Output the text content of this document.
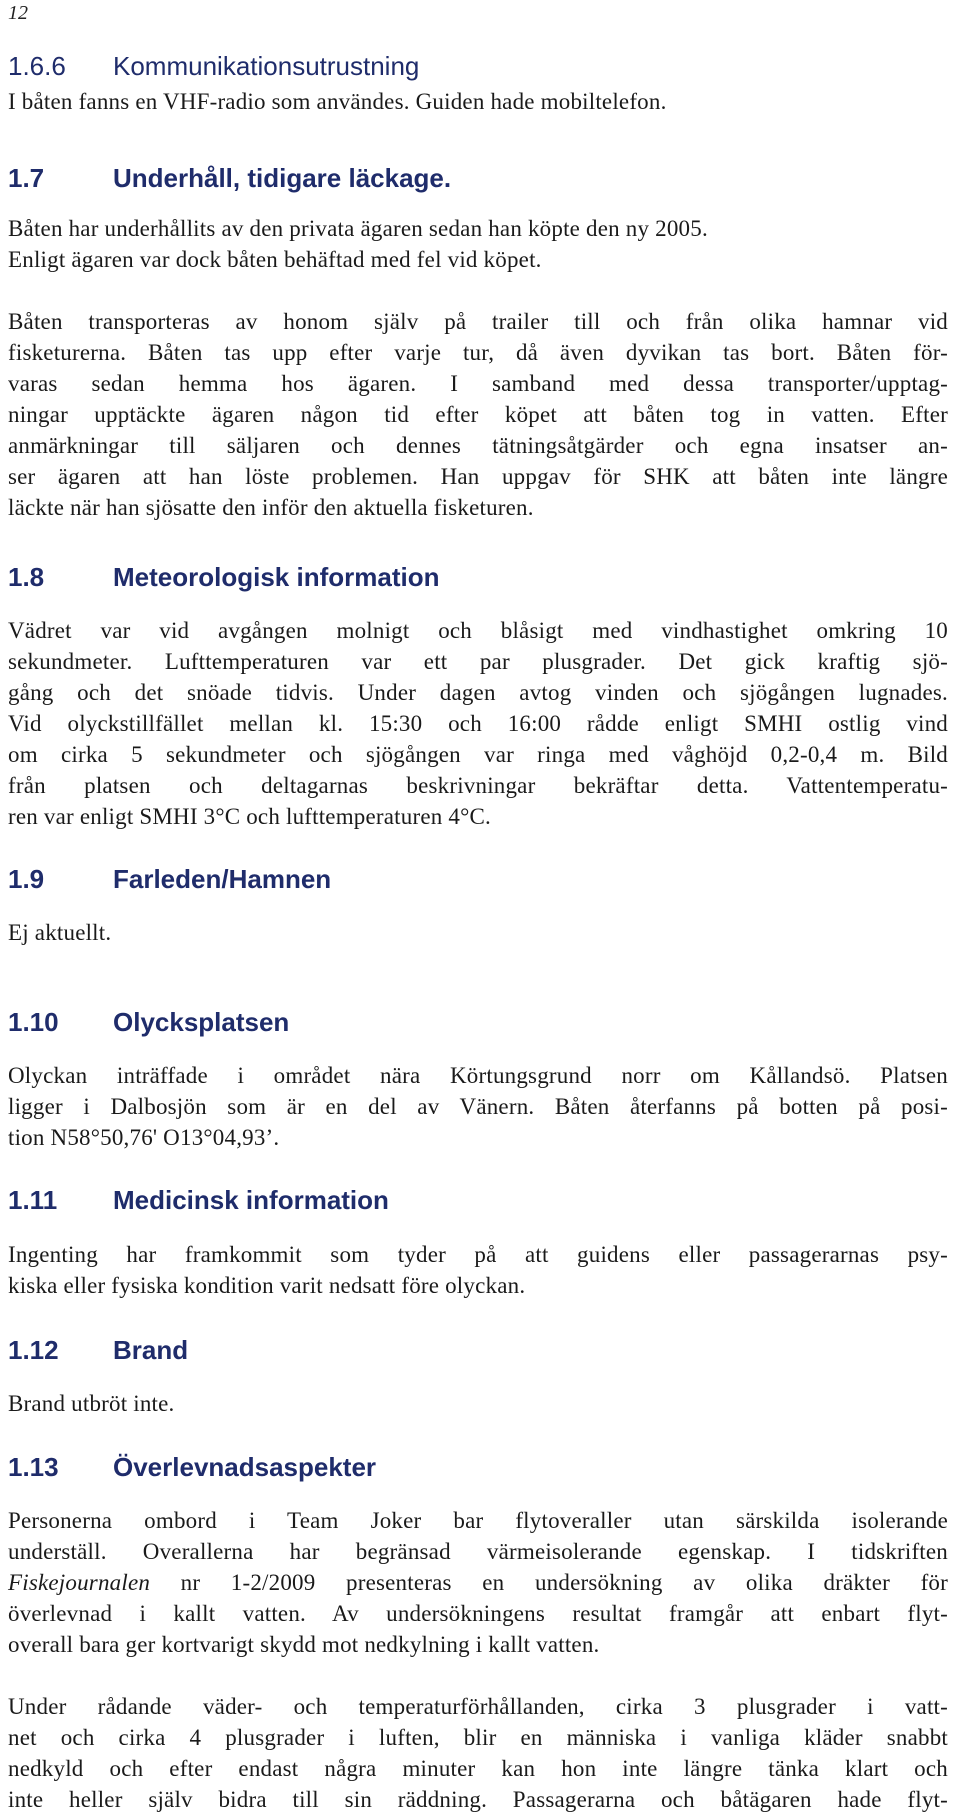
12
1.6.6 Kommunikationsutrustning
I båten fanns en VHF-radio som användes. Guiden hade mobiltelefon.
1.7	Underhåll, tidigare läckage.
Båten har underhållits av den privata ägaren sedan han köpte den ny 2005.
Enligt ägaren var dock båten behäftad med fel vid köpet.
Båten transporteras av honom själv på trailer till och från olika hamnar vid
fisketurerna. Båten tas upp efter varje tur, då även dyvikan tas bort. Båten för-
varas sedan hemma hos ägaren. I samband med dessa transporter/upptag-
ningar upptäckte ägaren någon tid efter köpet att båten tog in vatten. Efter
anmärkningar till säljaren och dennes tätningsåtgärder och egna insatser an-
ser ägaren att han löste problemen. Han uppgav för SHK att båten inte längre
läckte när han sjösatte den inför den aktuella fisketuren.
1.8	Meteorologisk information
Vädret var vid avgången molnigt och blåsigt med vindhastighet omkring 10
sekundmeter. Lufttemperaturen var ett par plusgrader. Det gick kraftig sjö-
gång och det snöade tidvis. Under dagen avtog vinden och sjögången lugnades.
Vid olyckstillfället mellan kl. 15:30 och 16:00 rådde enligt SMHI ostlig vind
om cirka 5 sekundmeter och sjögången var ringa med våghöjd 0,2-0,4 m. Bild
från platsen och deltagarnas beskrivningar bekräftar detta. Vattentemperatu-
ren var enligt SMHI 3°C och lufttemperaturen 4°C.
1.9	Farleden/Hamnen
Ej aktuellt.
1.10 Olycksplatsen
Olyckan inträffade i området nära Körtungsgrund norr om Kållandsö. Platsen
ligger i Dalbosjön som är en del av Vänern. Båten återfanns på botten på posi-
tion N58°50,76' O13°04,93’.
1.11 Medicinsk information
Ingenting har framkommit som tyder på att guidens eller passagerarnas psy-
kiska eller fysiska kondition varit nedsatt före olyckan.
1.12 Brand
Brand utbröt inte.
1.13 Överlevnadsaspekter
Personerna ombord i Team Joker bar flytoveraller utan särskilda isolerande
underställ. Overallerna har begränsad värmeisolerande egenskap. I tidskriften
Fiskejournalen nr 1-2/2009 presenteras en undersökning av olika dräkter för
överlevnad i kallt vatten. Av undersökningens resultat framgår att enbart flyt-
overall bara ger kortvarigt skydd mot nedkylning i kallt vatten.
Under rådande väder- och temperaturförhållanden, cirka 3 plusgrader i vatt-
net och cirka 4 plusgrader i luften, blir en människa i vanliga kläder snabbt
nedkyld och efter endast några minuter kan hon inte längre tänka klart och
inte heller själv bidra till sin räddning. Passagerarna och båtägaren hade flyt-
